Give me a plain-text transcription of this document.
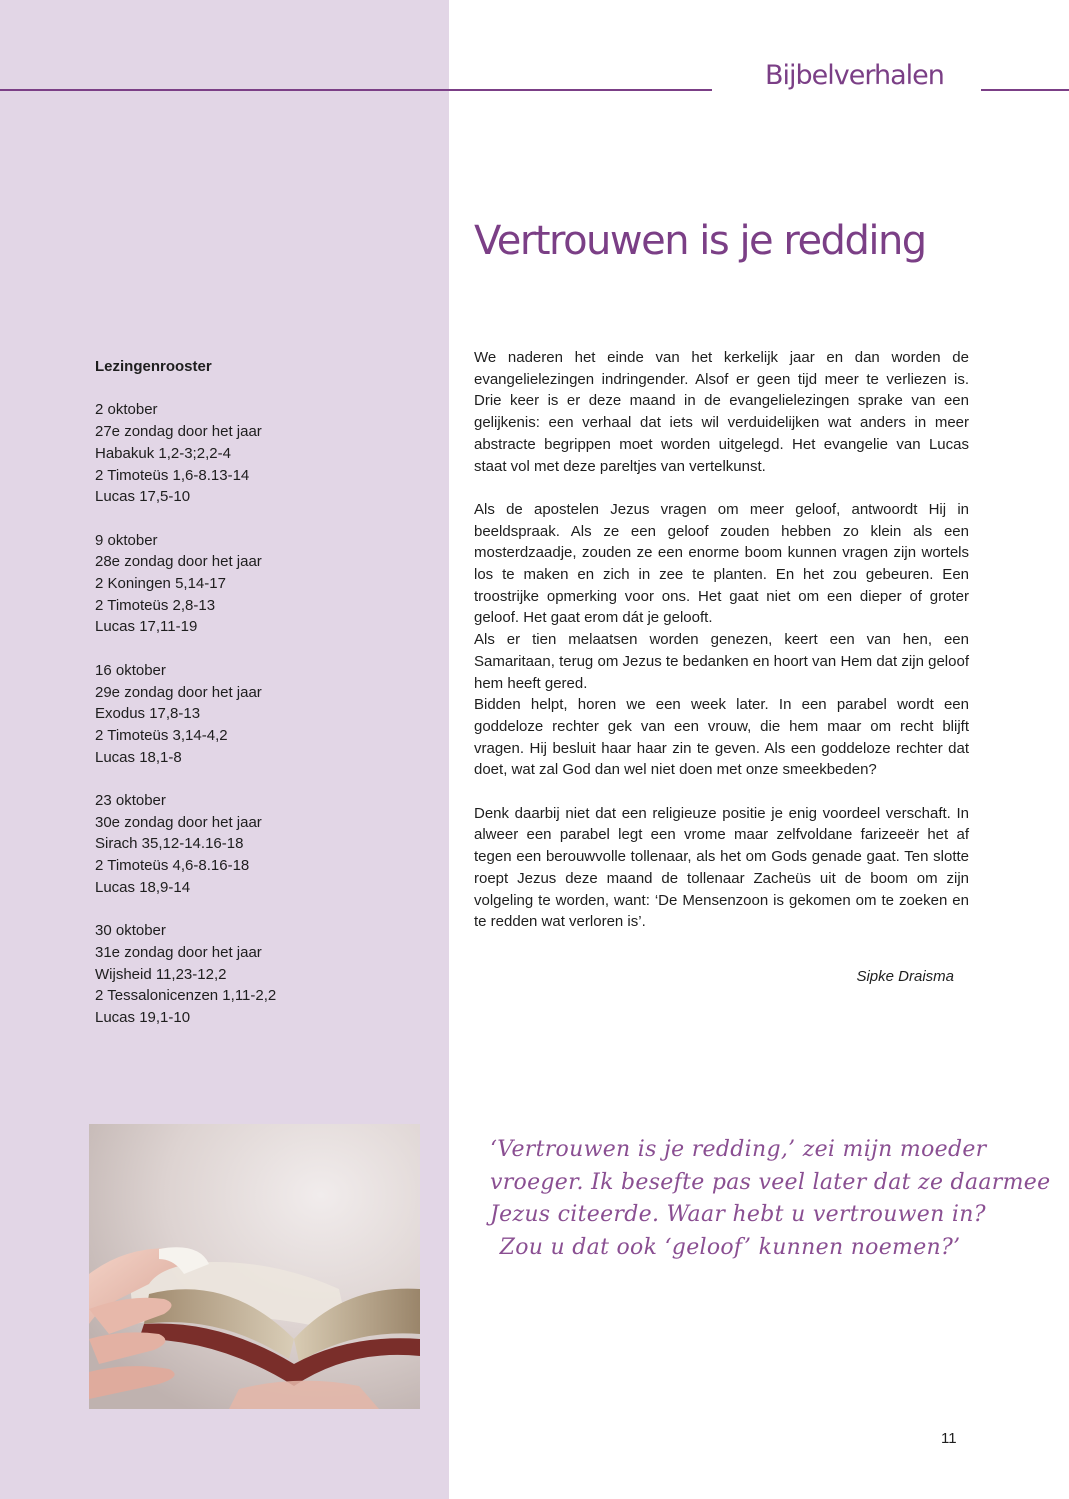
Bijbelverhalen
Lezingenrooster
2 oktober
27e zondag door het jaar
Habakuk 1,2-3;2,2-4
2 Timoteüs 1,6-8.13-14
Lucas 17,5-10
9 oktober
28e zondag door het jaar
2 Koningen 5,14-17
2 Timoteüs 2,8-13
Lucas 17,11-19
16 oktober
29e zondag door het jaar
Exodus 17,8-13
2 Timoteüs 3,14-4,2
Lucas 18,1-8
23 oktober
30e zondag door het jaar
Sirach 35,12-14.16-18
2 Timoteüs 4,6-8.16-18
Lucas 18,9-14
30 oktober
31e zondag door het jaar
Wijsheid 11,23-12,2
2 Tessalonicenzen 1,11-2,2
Lucas 19,1-10
Vertrouwen is je redding

We naderen het einde van het kerkelijk jaar en dan worden de evangelielezingen indringender. Alsof er geen tijd meer te verliezen is. Drie keer is er deze maand in de evangelielezingen sprake van een gelijkenis: een verhaal dat iets wil verduidelijken wat anders in meer abstracte begrippen moet worden uitgelegd. Het evangelie van Lucas staat vol met deze pareltjes van vertelkunst.

Als de apostelen Jezus vragen om meer geloof, antwoordt Hij in beeldspraak. Als ze een geloof zouden hebben zo klein als een mosterdzaadje, zouden ze een enorme boom kunnen vragen zijn wortels los te maken en zich in zee te planten. En het zou gebeuren. Een troostrijke opmerking voor ons. Het gaat niet om een dieper of groter geloof. Het gaat erom dát je gelooft.

Als er tien melaatsen worden genezen, keert een van hen, een Samaritaan, terug om Jezus te bedanken en hoort van Hem dat zijn geloof hem heeft gered.

Bidden helpt, horen we een week later. In een parabel wordt een goddeloze rechter gek van een vrouw, die hem maar om recht blijft vragen. Hij besluit haar haar zin te geven. Als een goddeloze rechter dat doet, wat zal God dan wel niet doen met onze smeekbeden?

Denk daarbij niet dat een religieuze positie je enig voordeel verschaft. In alweer een parabel legt een vrome maar zelfvoldane farizeeër het af tegen een berouwvolle tollenaar, als het om Gods genade gaat. Ten slotte roept Jezus deze maand de tollenaar Zacheüs uit de boom om zijn volgeling te worden, want: ‘De Mensenzoon is gekomen om te zoeken en te redden wat verloren is’.

Sipke Draisma
‘Vertrouwen is je redding,’ zei mijn moeder
vroeger. Ik besefte pas veel later dat ze daarmee
Jezus citeerde. Waar hebt u vertrouwen in?
Zou u dat ook ‘geloof’ kunnen noemen?’
11
